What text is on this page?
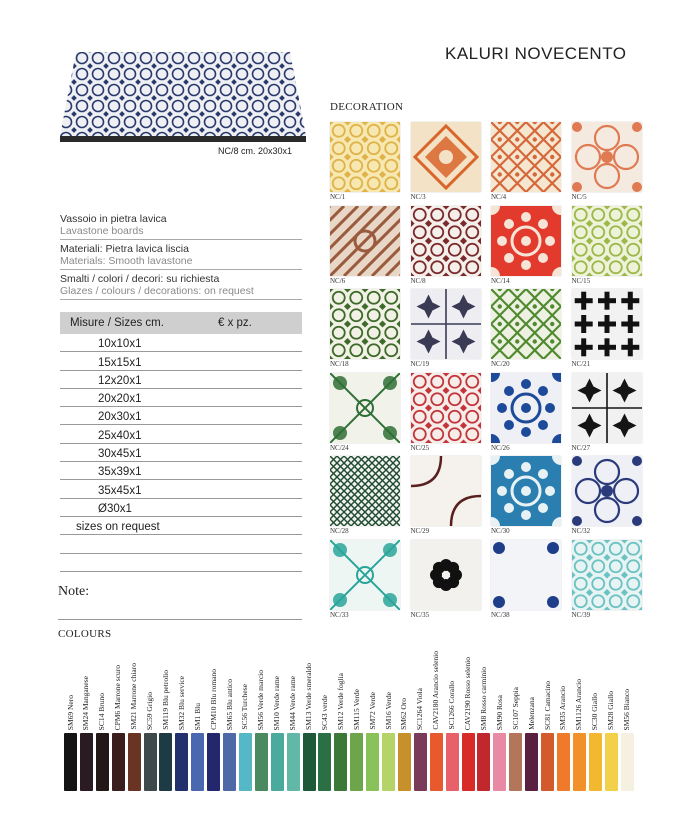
KALURI NOVECENTO
NC/8 cm. 20x30x1
DECORATION
Vassoio in pietra lavica
Lavastone boards
Materiali: Pietra lavica liscia
Materials: Smooth lavastone
Smalti / colori / decori: su richiesta
Glazes / colours / decorations: on request
Misure / Sizes cm.	€ x pz.
10x10x1
15x15x1
12x20x1
20x20x1
20x30x1
25x40x1
30x45x1
35x39x1
35x45x1
Ø30x1
sizes on request
Note:
NC/1	NC/3	NC/4	NC/5
NC/6	NC/8	NC/14	NC/15
NC/18	NC/19	NC/20	NC/21
NC/24	NC/25	NC/26	NC/27
NC/28	NC/29	NC/30	NC/32
NC/33	NC/35	NC/38	NC/39
COLOURS
SM69 Nero SM24 Manganese SC14 Bruno CPM6 Marrone scuro SM21 Marrone chiaro SC59 Grigio SM119 Blu petrolio SM32 Blu service SM1 Blu CPM10 Blu romano SM65 Blu antico SC56 Turchese SM56 Verde marcio SM10 Verde rame SM44 Verde rame SM13 Verde smeraldo SC43 verde SM12 Verde foglia SM115 Verde SM72 Verde SM16 Verde SM62 Oro SC1264 Viola CAV2180 Arancio selenio SC1266 Corallo CAV2190 Rosso selenio SM8 Rosso carminio SM90 Rosa SC107 Seppia Melenzana SC81 Camacino SM35 Arancio SM1126 Arancio SC30 Giallo SM28 Giallo SM56 Bianco
